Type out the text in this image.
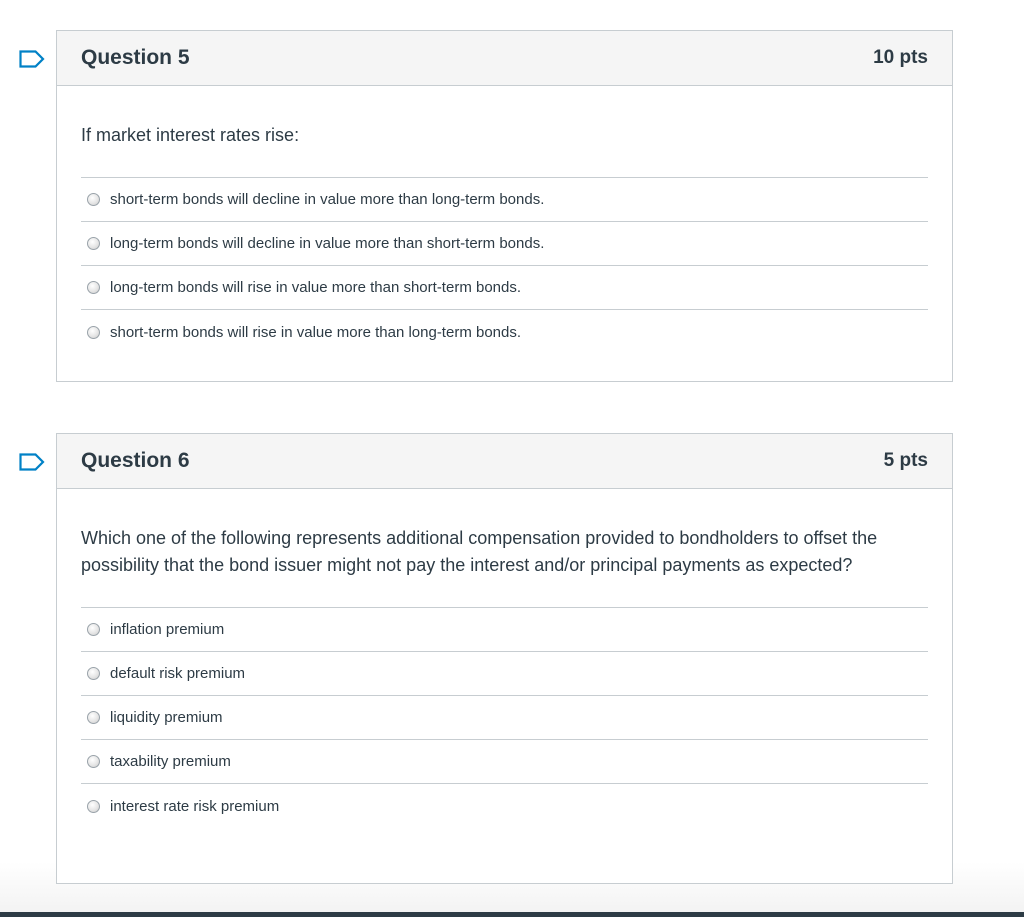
Question 5	10 pts
If market interest rates rise:
short-term bonds will decline in value more than long-term bonds.
long-term bonds will decline in value more than short-term bonds.
long-term bonds will rise in value more than short-term bonds.
short-term bonds will rise in value more than long-term bonds.
Question 6	5 pts
Which one of the following represents additional compensation provided to bondholders to offset the possibility that the bond issuer might not pay the interest and/or principal payments as expected?
inflation premium
default risk premium
liquidity premium
taxability premium
interest rate risk premium
